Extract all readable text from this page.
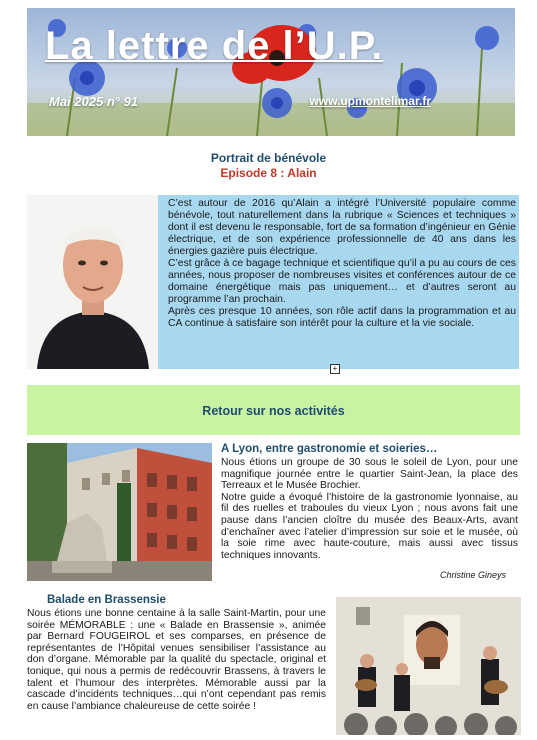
La lettre de l’U.P.
Mai 2025 n° 91	www.upmontelimar.fr
Portrait de bénévole
Episode 8 : Alain

C’est autour de 2016 qu’Alain a intégré l’Université populaire comme bénévole, tout naturellement dans la rubrique « Sciences et techniques » dont il est devenu le responsable, fort de sa formation d’ingénieur en Génie électrique, et de son expérience professionnelle de 40 ans dans les énergies gazière puis électrique.

C’est grâce à ce bagage technique et scientifique qu’il a pu au cours de ces années, nous proposer de nombreuses visites et conférences autour de ce domaine énergétique mais pas uniquement… et d’autres seront au programme l’an prochain.

Après ces presque 10 années, son rôle actif dans la programmation et au CA continue à satisfaire son intérêt pour la culture et la vie sociale.

+
Retour sur nos activités
A Lyon, entre gastronomie et soieries…
Nous étions un groupe de 30 sous le soleil de Lyon, pour une magnifique journée entre le quartier Saint-Jean, la place des Terreaux et le Musée Brochier.
Notre guide a évoqué l’histoire de la gastronomie lyonnaise, au fil des ruelles et traboules du vieux Lyon ; nous avons fait une pause dans l’ancien cloître du musée des Beaux-Arts, avant d’enchaîner avec l’atelier d’impression sur soie et le musée, où la soie rime avec haute-couture, mais aussi avec tissus techniques innovants.
Christine Gineys
Balade en Brassensie

Nous étions une bonne centaine à la salle Saint-Martin, pour une soirée MÉMORABLE : une « Balade en Brassensie », animée par Bernard FOUGEIROL et ses comparses, en présence de représentantes de l’Hôpital venues sensibiliser l’assistance au don d’organe. Mémorable par la qualité du spectacle, original et tonique, qui nous a permis de redécouvrir Brassens, à travers le talent et l’humour des interprètes. Mémorable aussi par la cascade d’incidents techniques…qui n’ont cependant pas remis en cause l’ambiance chaleureuse de cette soirée !
